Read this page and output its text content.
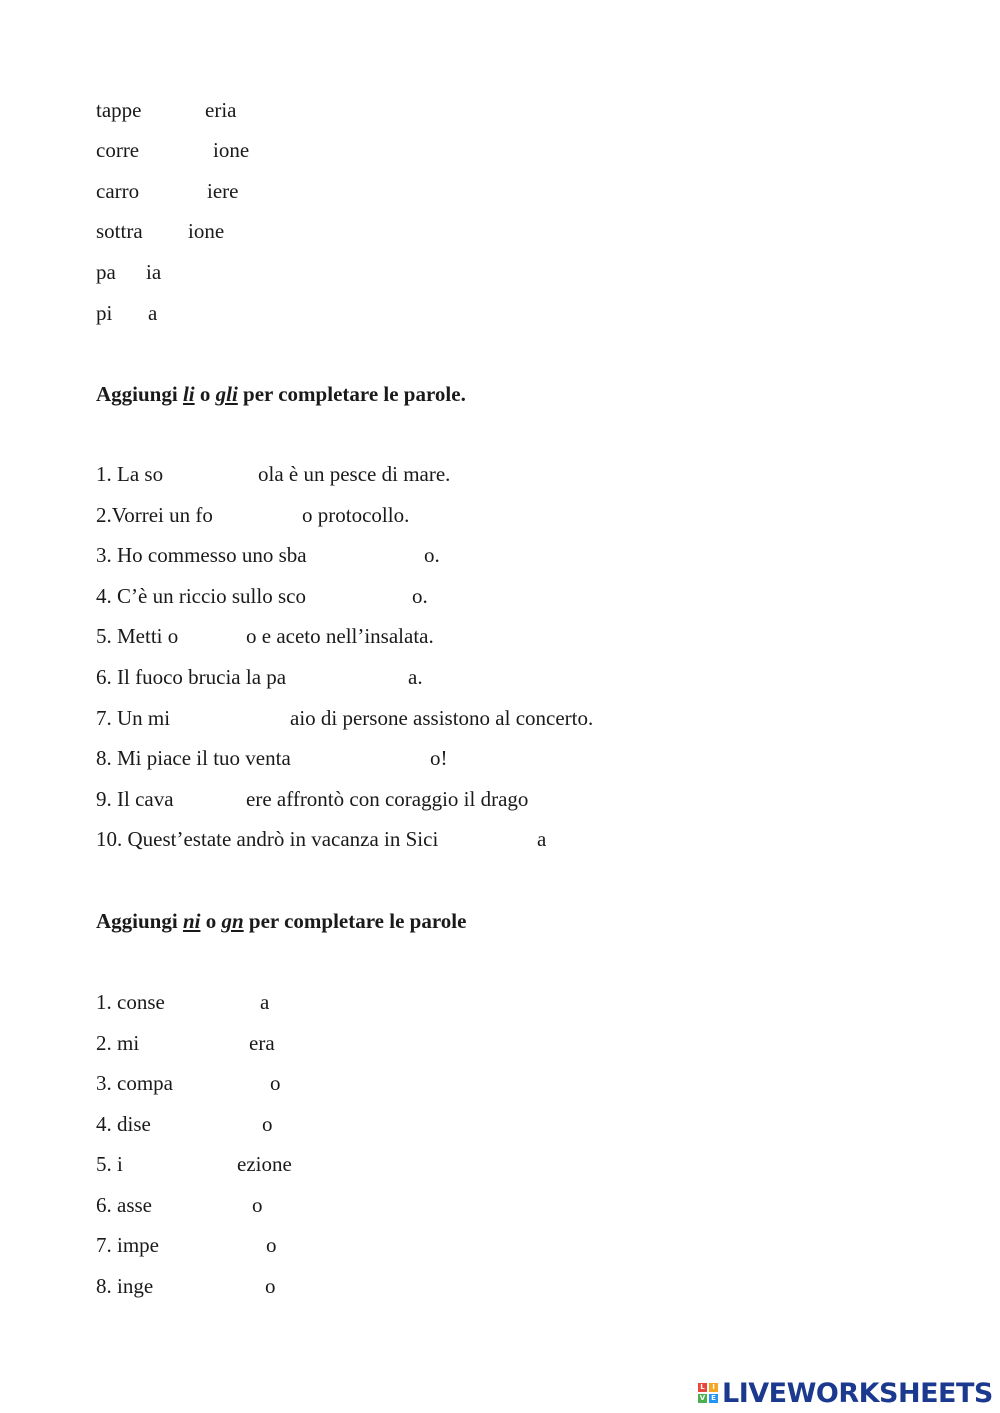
tappe	eria
corre	ione
carro	iere
sottra ione
pa ia
pi a
Aggiungi li o gli per completare le parole.
1. La so	ola è un pesce di mare.
2.Vorrei un fo	o protocollo.
3. Ho commesso uno sba	o.
4. C’è un riccio sullo sco	o.
5. Metti o	o e aceto nell’insalata.
6. Il fuoco brucia la pa	a.
7. Un mi	aio di persone assistono al concerto.
8. Mi piace il tuo venta	o!
9. Il cava	ere affrontò con coraggio il drago
10. Quest’estate andrò in vacanza in Sici	a
Aggiungi ni o gn per completare le parole
1. conse	a
2. mi	era
3. compa	o
4. dise	o
5. i	ezione
6. asse	o
7. impe	o
8. inge	o
L	I
V E LIVEWORKSHEETS
